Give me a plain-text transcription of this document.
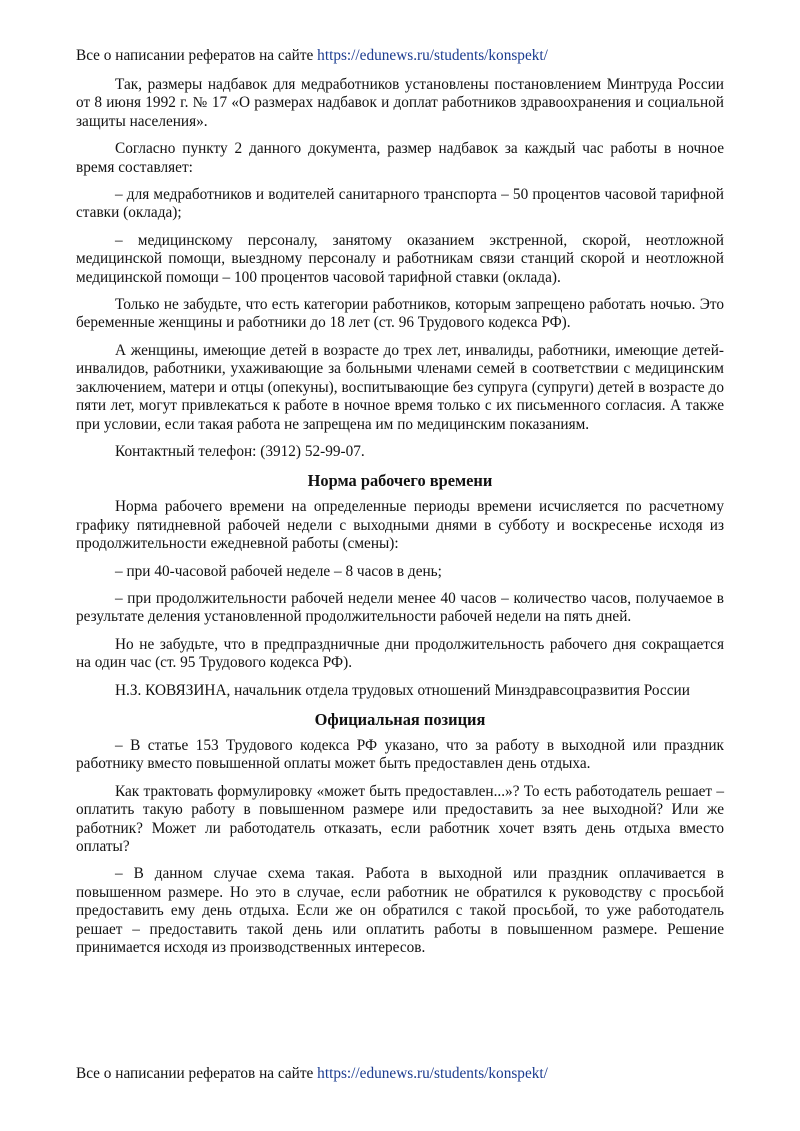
Все о написании рефератов на сайте https://edunews.ru/students/konspekt/

Так, размеры надбавок для медработников установлены постановлением Минтруда России от 8 июня 1992 г. № 17 «О размерах надбавок и доплат работников здравоохранения и социальной защиты населения».

Согласно пункту 2 данного документа, размер надбавок за каждый час работы в ночное время составляет:

– для медработников и водителей санитарного транспорта – 50 процентов часовой тарифной ставки (оклада);

– медицинскому персоналу, занятому оказанием экстренной, скорой, неотложной медицинской помощи, выездному персоналу и работникам связи станций скорой и неотложной медицинской помощи – 100 процентов часовой тарифной ставки (оклада).

Только не забудьте, что есть категории работников, которым запрещено работать ночью. Это беременные женщины и работники до 18 лет (ст. 96 Трудового кодекса РФ).

А женщины, имеющие детей в возрасте до трех лет, инвалиды, работники, имеющие детей-инвалидов, работники, ухаживающие за больными членами семей в соответствии с медицинским заключением, матери и отцы (опекуны), воспитывающие без супруга (супруги) детей в возрасте до пяти лет, могут привлекаться к работе в ночное время только с их письменного согласия. А также при условии, если такая работа не запрещена им по медицинским показаниям.

Контактный телефон: (3912) 52-99-07.

Норма рабочего времени

Норма рабочего времени на определенные периоды времени исчисляется по расчетному графику пятидневной рабочей недели с выходными днями в субботу и воскресенье исходя из продолжительности ежедневной работы (смены):

– при 40-часовой рабочей неделе – 8 часов в день;

– при продолжительности рабочей недели менее 40 часов – количество часов, получаемое в результате деления установленной продолжительности рабочей недели на пять дней.

Но не забудьте, что в предпраздничные дни продолжительность рабочего дня сокращается на один час (ст. 95 Трудового кодекса РФ).

Н.З. КОВЯЗИНА, начальник отдела трудовых отношений Минздравсоцразвития России

Официальная позиция

– В статье 153 Трудового кодекса РФ указано, что за работу в выходной или праздник работнику вместо повышенной оплаты может быть предоставлен день отдыха.

Как трактовать формулировку «может быть предоставлен...»? То есть работодатель решает – оплатить такую работу в повышенном размере или предоставить за нее выходной? Или же работник? Может ли работодатель отказать, если работник хочет взять день отдыха вместо оплаты?

– В данном случае схема такая. Работа в выходной или праздник оплачивается в повышенном размере. Но это в случае, если работник не обратился к руководству с просьбой предоставить ему день отдыха. Если же он обратился с такой просьбой, то уже работодатель решает – предоставить такой день или оплатить работы в повышенном размере. Решение принимается исходя из производственных интересов.

Все о написании рефератов на сайте https://edunews.ru/students/konspekt/
